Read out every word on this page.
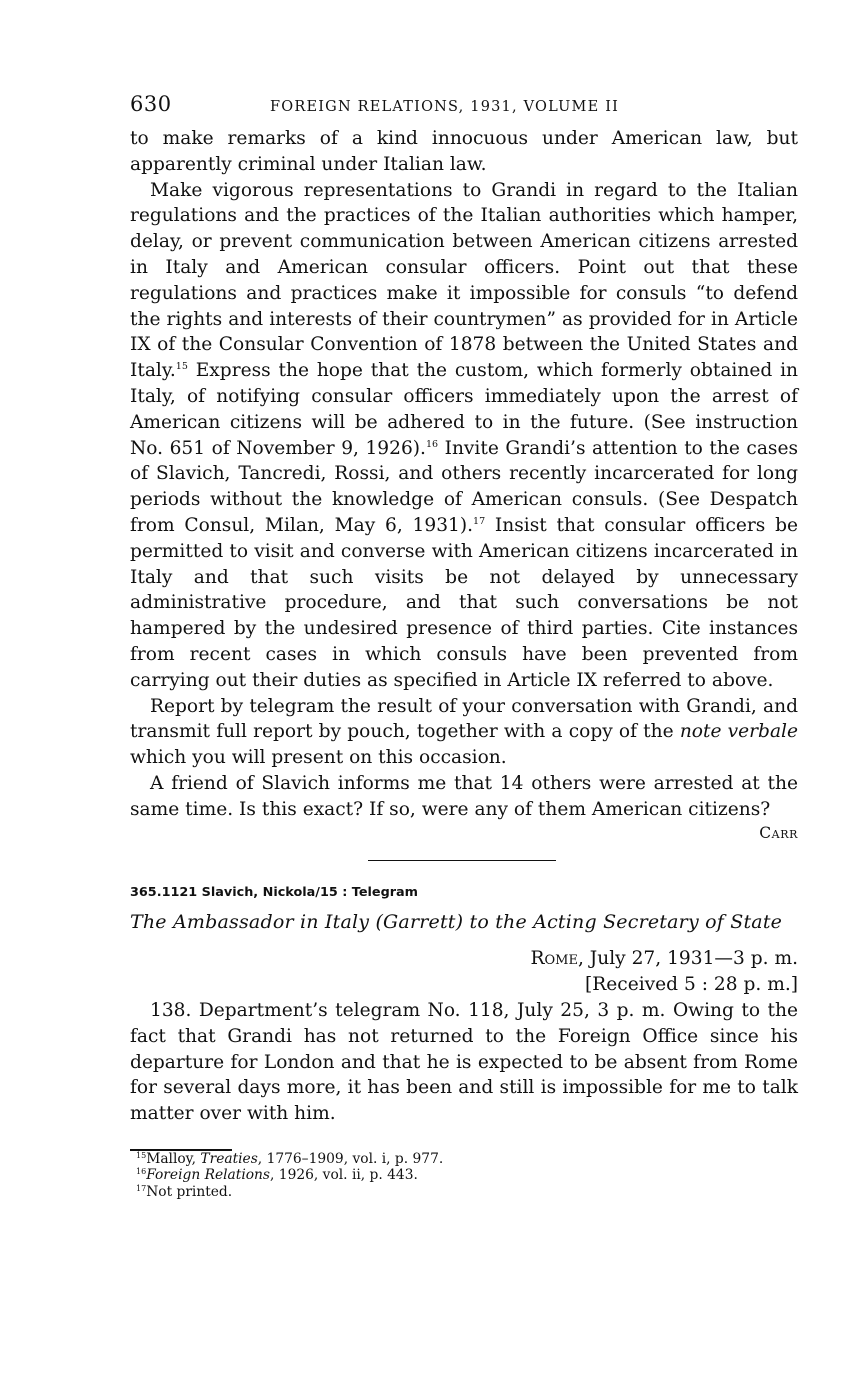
630	FOREIGN RELATIONS, 1931, VOLUME II

to make remarks of a kind innocuous under American law, but apparently criminal under Italian law.

Make vigorous representations to Grandi in regard to the Italian regulations and the practices of the Italian authorities which hamper, delay, or prevent communication between American citizens arrested in Italy and American consular officers. Point out that these regulations and practices make it impossible for consuls “to defend the rights and interests of their countrymen” as provided for in Article IX of the Consular Convention of 1878 between the United States and Italy.$^{15}$ Express the hope that the custom, which formerly obtained in Italy, of notifying consular officers immediately upon the arrest of American citizens will be adhered to in the future. (See instruction No. 651 of November 9, 1926).$^{16}$ Invite Grandi’s attention to the cases of Slavich, Tancredi, Rossi, and others recently incarcerated for long periods without the knowledge of American consuls. (See Despatch from Consul, Milan, May 6, 1931).$^{17}$ Insist that consular officers be permitted to visit and converse with American citizens incarcerated in Italy and that such visits be not delayed by unnecessary administrative procedure, and that such conversations be not hampered by the undesired presence of third parties. Cite instances from recent cases in which consuls have been prevented from carrying out their duties as specified in Article IX referred to above.

Report by telegram the result of your conversation with Grandi, and transmit full report by pouch, together with a copy of the note verbale which you will present on this occasion.

A friend of Slavich informs me that 14 others were arrested at the same time. Is this exact? If so, were any of them American citizens?

Carr
365.1121 Slavich, Nickola/15 : Telegram
The Ambassador in Italy (Garrett) to the Acting Secretary of State
Rome, July 27, 1931—3 p. m.
[Received 5 : 28 p. m.]

138. Department’s telegram No. 118, July 25, 3 p. m. Owing to the fact that Grandi has not returned to the Foreign Office since his departure for London and that he is expected to be absent from Rome for several days more, it has been and still is impossible for me to talk matter over with him.

$^{15}$Malloy, Treaties, 1776–1909, vol. i, p. 977.
$^{16}$Foreign Relations, 1926, vol. ii, p. 443.
$^{17}$Not printed.
